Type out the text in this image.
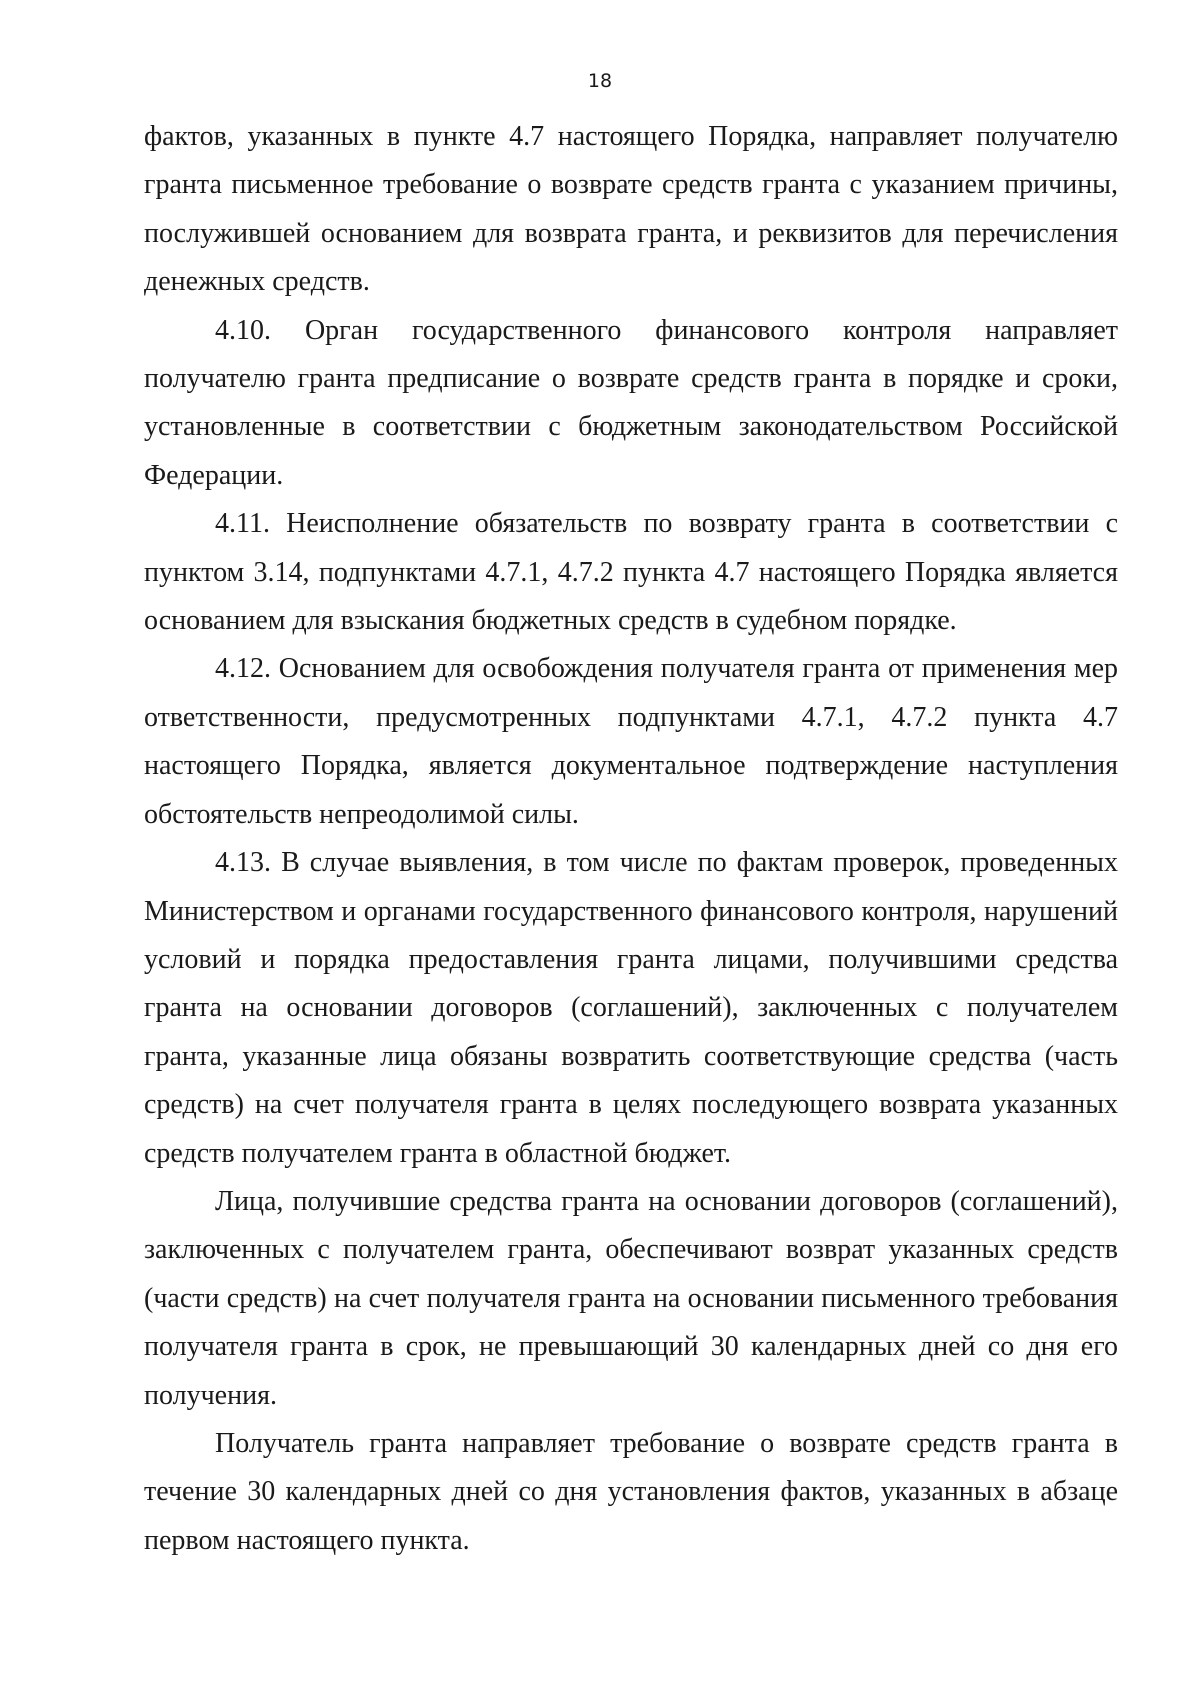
18

фактов, указанных в пункте 4.7 настоящего Порядка, направляет получателю гранта письменное требование о возврате средств гранта с указанием причины, послужившей основанием для возврата гранта, и реквизитов для перечисления денежных средств.

4.10. Орган государственного финансового контроля направляет получателю гранта предписание о возврате средств гранта в порядке и сроки, установленные в соответствии с бюджетным законодательством Российской Федерации.

4.11. Неисполнение обязательств по возврату гранта в соответствии с пунктом 3.14, подпунктами 4.7.1, 4.7.2 пункта 4.7 настоящего Порядка является основанием для взыскания бюджетных средств в судебном порядке.

4.12. Основанием для освобождения получателя гранта от применения мер ответственности, предусмотренных подпунктами 4.7.1, 4.7.2 пункта 4.7 настоящего Порядка, является документальное подтверждение наступления обстоятельств непреодолимой силы.

4.13. В случае выявления, в том числе по фактам проверок, проведенных Министерством и органами государственного финансового контроля, нарушений условий и порядка предоставления гранта лицами, получившими средства гранта на основании договоров (соглашений), заключенных с получателем гранта, указанные лица обязаны возвратить соответствующие средства (часть средств) на счет получателя гранта в целях последующего возврата указанных средств получателем гранта в областной бюджет.

Лица, получившие средства гранта на основании договоров (соглашений), заключенных с получателем гранта, обеспечивают возврат указанных средств (части средств) на счет получателя гранта на основании письменного требования получателя гранта в срок, не превышающий 30 календарных дней со дня его получения.

Получатель гранта направляет требование о возврате средств гранта в течение 30 календарных дней со дня установления фактов, указанных в абзаце первом настоящего пункта.
